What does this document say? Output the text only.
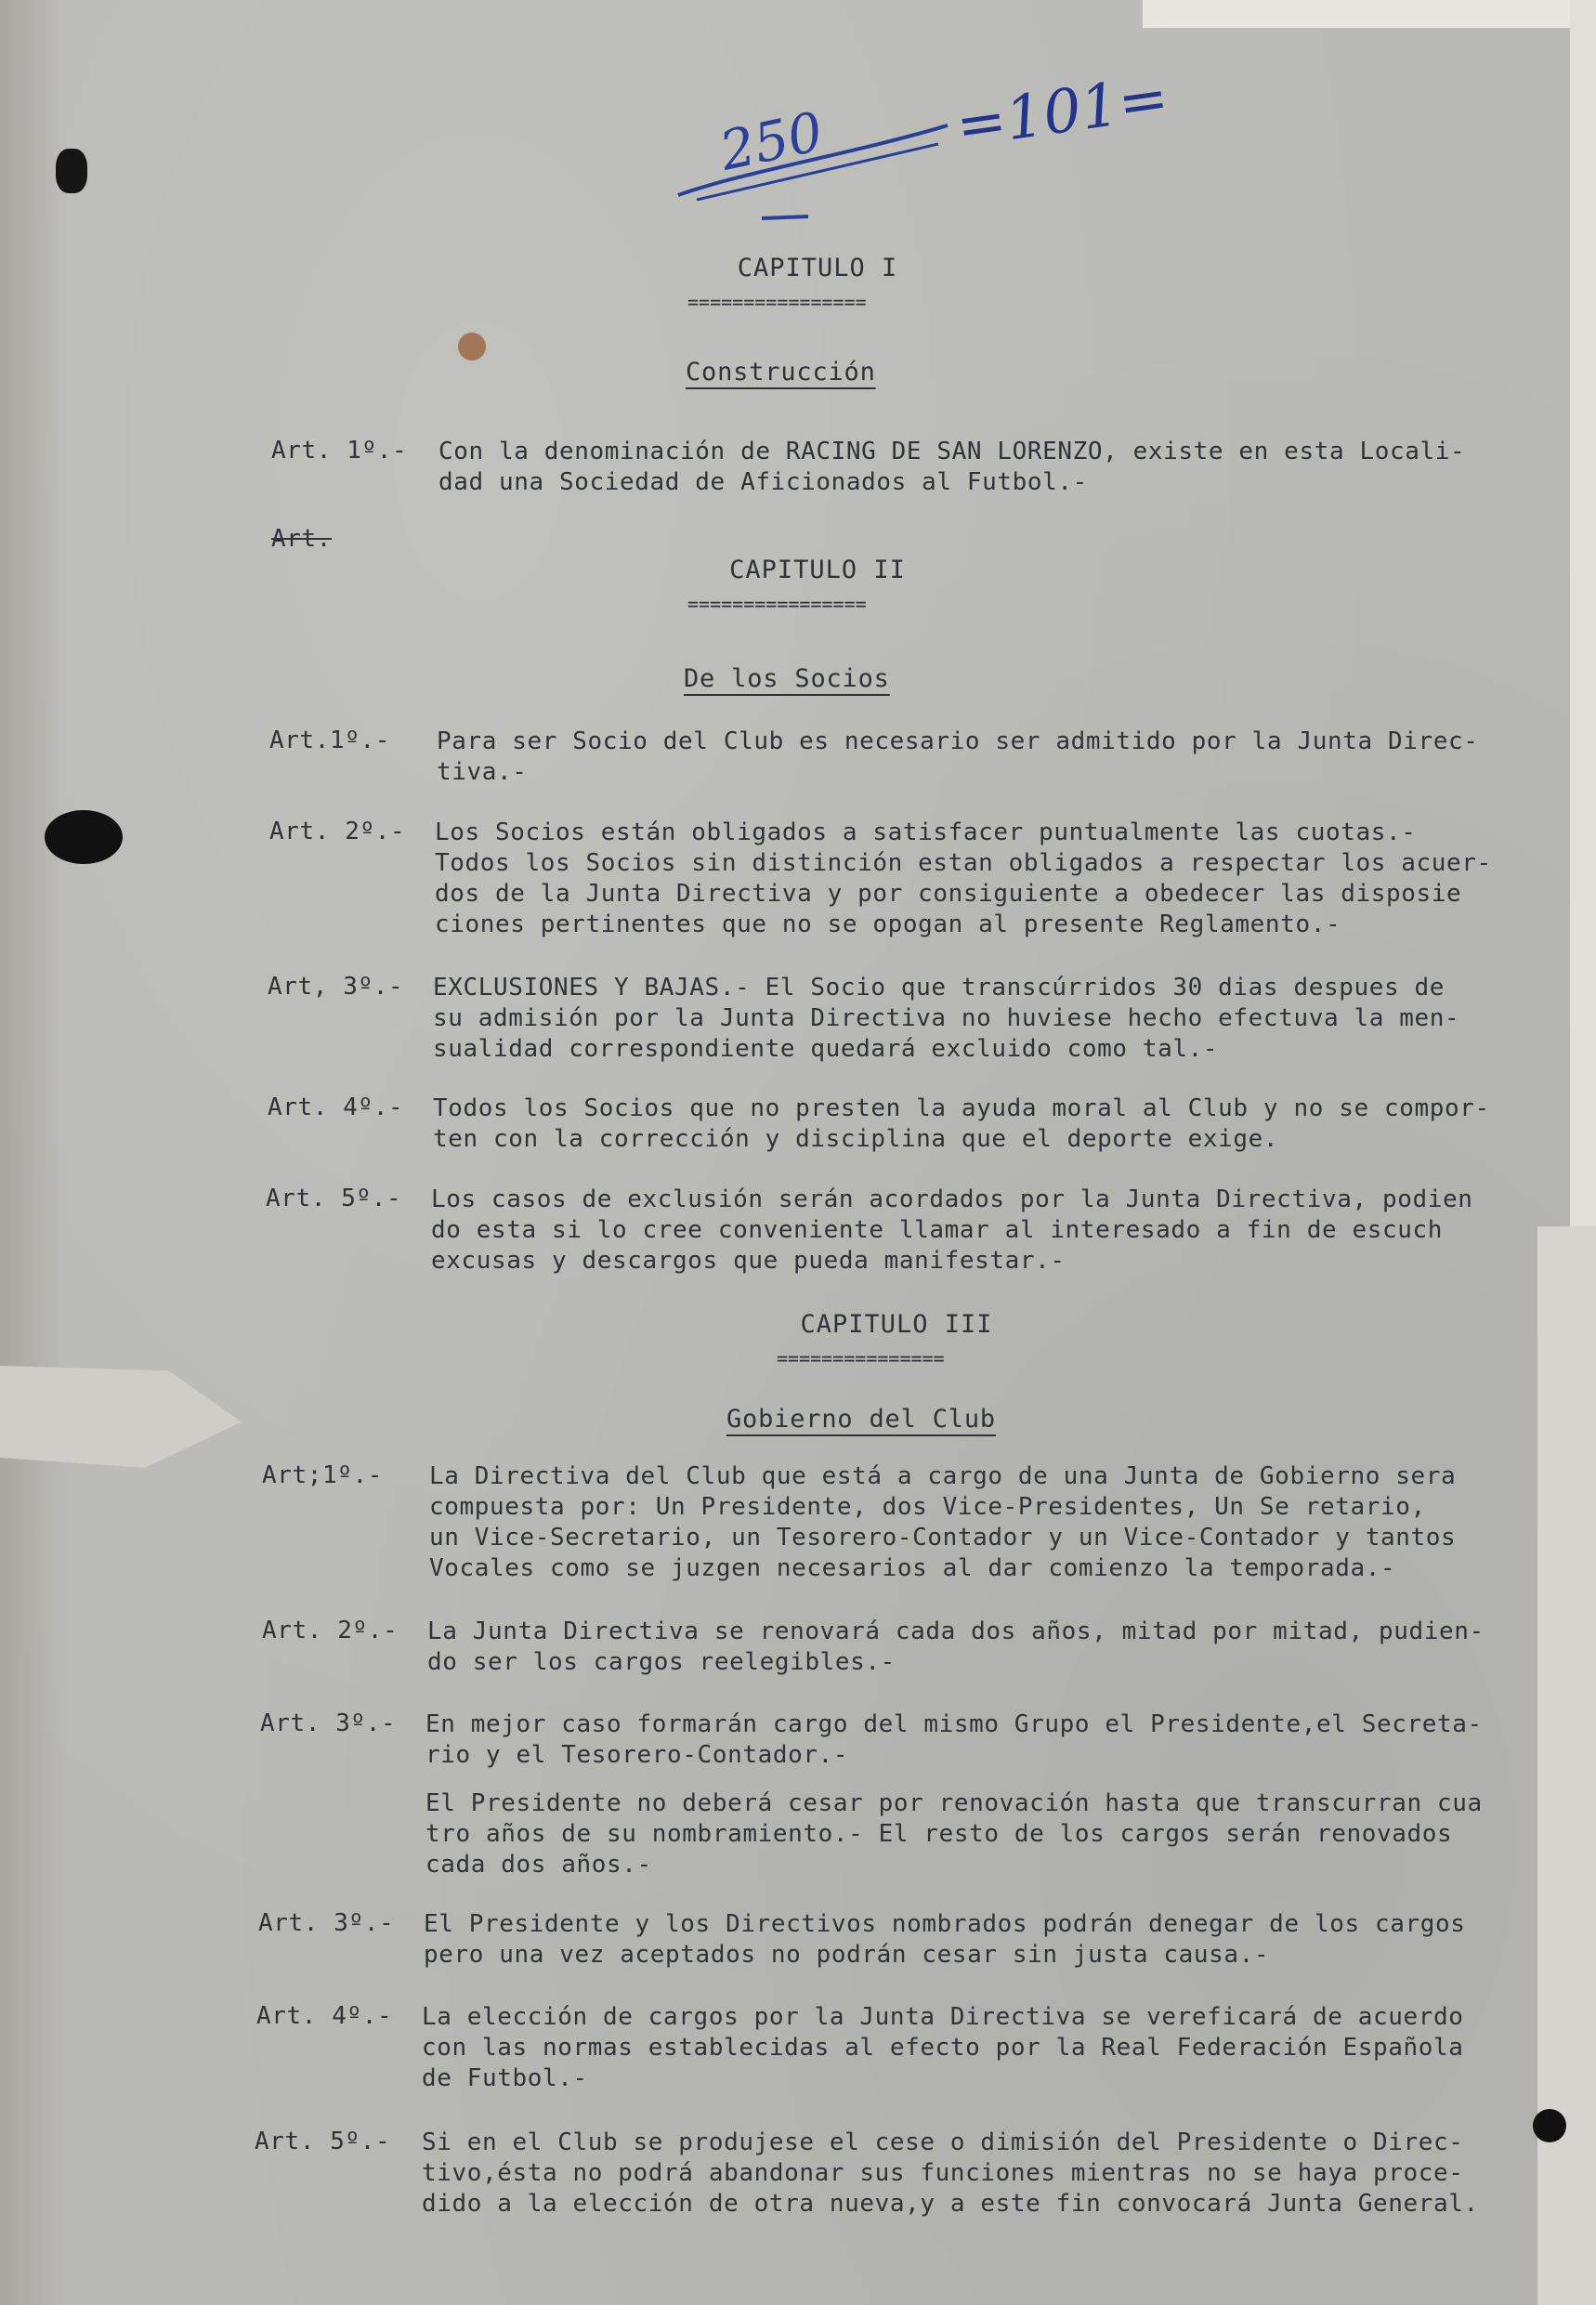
250 =101=
CAPITULO I
================
Construcción
Art. 1º.- Con la denominación de RACING DE SAN LORENZO, existe en esta Locali-
dad una Sociedad de Aficionados al Futbol.-
Art.
CAPITULO II
================
De los Socios
Art.1º.- Para ser Socio del Club es necesario ser admitido por la Junta Direc-
tiva.-
Art. 2º.- Los Socios están obligados a satisfacer puntualmente las cuotas.-
Todos los Socios sin distinción estan obligados a respectar los acuer-
dos de la Junta Directiva y por consiguiente a obedecer las disposie
ciones pertinentes que no se opogan al presente Reglamento.-
Art, 3º.- EXCLUSIONES Y BAJAS.- El Socio que transcúrridos 30 dias despues de
su admisión por la Junta Directiva no huviese hecho efectuva la men-
sualidad correspondiente quedará excluido como tal.-
Art. 4º.- Todos los Socios que no presten la ayuda moral al Club y no se compor-
ten con la corrección y disciplina que el deporte exige.
Art. 5º.- Los casos de exclusión serán acordados por la Junta Directiva, podien
do esta si lo cree conveniente llamar al interesado a fin de escuch
excusas y descargos que pueda manifestar.-
CAPITULO III
===============
Gobierno del Club
Art;1º.- La Directiva del Club que está a cargo de una Junta de Gobierno sera
compuesta por: Un Presidente, dos Vice-Presidentes, Un Se retario,
un Vice-Secretario, un Tesorero-Contador y un Vice-Contador y tantos
Vocales como se juzgen necesarios al dar comienzo la temporada.-
Art. 2º.- La Junta Directiva se renovará cada dos años, mitad por mitad, pudien-
do ser los cargos reelegibles.-
Art. 3º.- En mejor caso formarán cargo del mismo Grupo el Presidente,el Secreta-
rio y el Tesorero-Contador.-
El Presidente no deberá cesar por renovación hasta que transcurran cua
tro años de su nombramiento.- El resto de los cargos serán renovados
cada dos años.-
Art. 3º.- El Presidente y los Directivos nombrados podrán denegar de los cargos
pero una vez aceptados no podrán cesar sin justa causa.-
Art. 4º.- La elección de cargos por la Junta Directiva se vereficará de acuerdo
con las normas establecidas al efecto por la Real Federación Española
de Futbol.-
Art. 5º.- Si en el Club se produjese el cese o dimisión del Presidente o Direc-
tivo,ésta no podrá abandonar sus funciones mientras no se haya proce-
dido a la elección de otra nueva,y a este fin convocará Junta General.
